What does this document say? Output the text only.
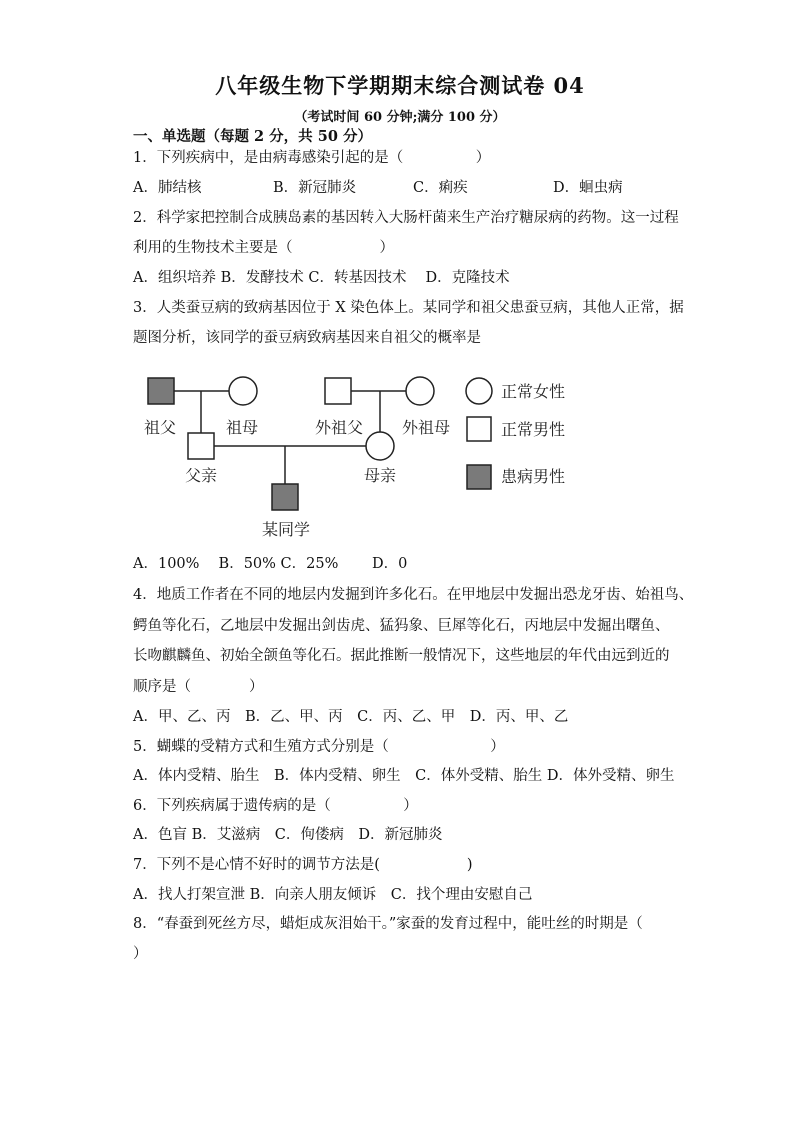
八年级生物下学期期末综合测试卷 04
（考试时间 60 分钟;满分 100 分）
一、单选题（每题 2 分，共 50 分）
1．下列疾病中，是由病毒感染引起的是（　　　　　）
A．肺结核	B．新冠肺炎	C．痢疾	D．蛔虫病
2．科学家把控制合成胰岛素的基因转入大肠杆菌来生产治疗糖尿病的药物。这一过程
利用的生物技术主要是（　　　　　　）
A．组织培养 B．发酵技术 C．转基因技术　 D．克隆技术
3．人类蚕豆病的致病基因位于 X 染色体上。某同学和祖父患蚕豆病，其他人正常，据
题图分析，该同学的蚕豆病致病基因来自祖父的概率是
祖父	祖母	外祖父 外祖母
父亲	母亲
某同学
正常女性
正常男性
患病男性
A．100%　 B．50% C．25%　　 D．0
4．地质工作者在不同的地层内发掘到许多化石。在甲地层中发掘出恐龙牙齿、始祖鸟、
鳄鱼等化石，乙地层中发掘出剑齿虎、猛犸象、巨犀等化石，丙地层中发掘出曙鱼、
长吻麒麟鱼、初始全颌鱼等化石。据此推断一般情况下，这些地层的年代由远到近的
顺序是（　　　　）
A．甲、乙、丙　B．乙、甲、丙　C．丙、乙、甲　D．丙、甲、乙
5．蝴蝶的受精方式和生殖方式分别是（　　　　　　　）
A．体内受精、胎生　B．体内受精、卵生　C．体外受精、胎生 D．体外受精、卵生
6．下列疾病属于遗传病的是（　　　　　）
A．色盲 B．艾滋病　C．佝偻病　D．新冠肺炎
7．下列不是心情不好时的调节方法是(　　　　　　)
A．找人打架宣泄 B．向亲人朋友倾诉　C．找个理由安慰自己
8．“春蚕到死丝方尽，蜡炬成灰泪始干。”家蚕的发育过程中，能吐丝的时期是（
）
